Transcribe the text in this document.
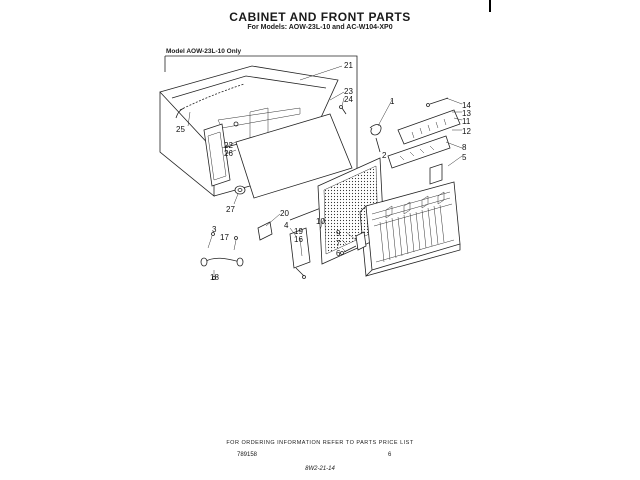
CABINET AND FRONT PARTS
For Models: AOW-23L-10 and AC-W104-XP0
Model AOW-23L-10 Only
21
23
24
25
22
26
27
1	14
13
11
12
8
5
2
20
4
19
16
10
9
7
6
3
17
18
FOR ORDERING INFORMATION REFER TO PARTS PRICE LIST
789158	6
8W2-21-14
